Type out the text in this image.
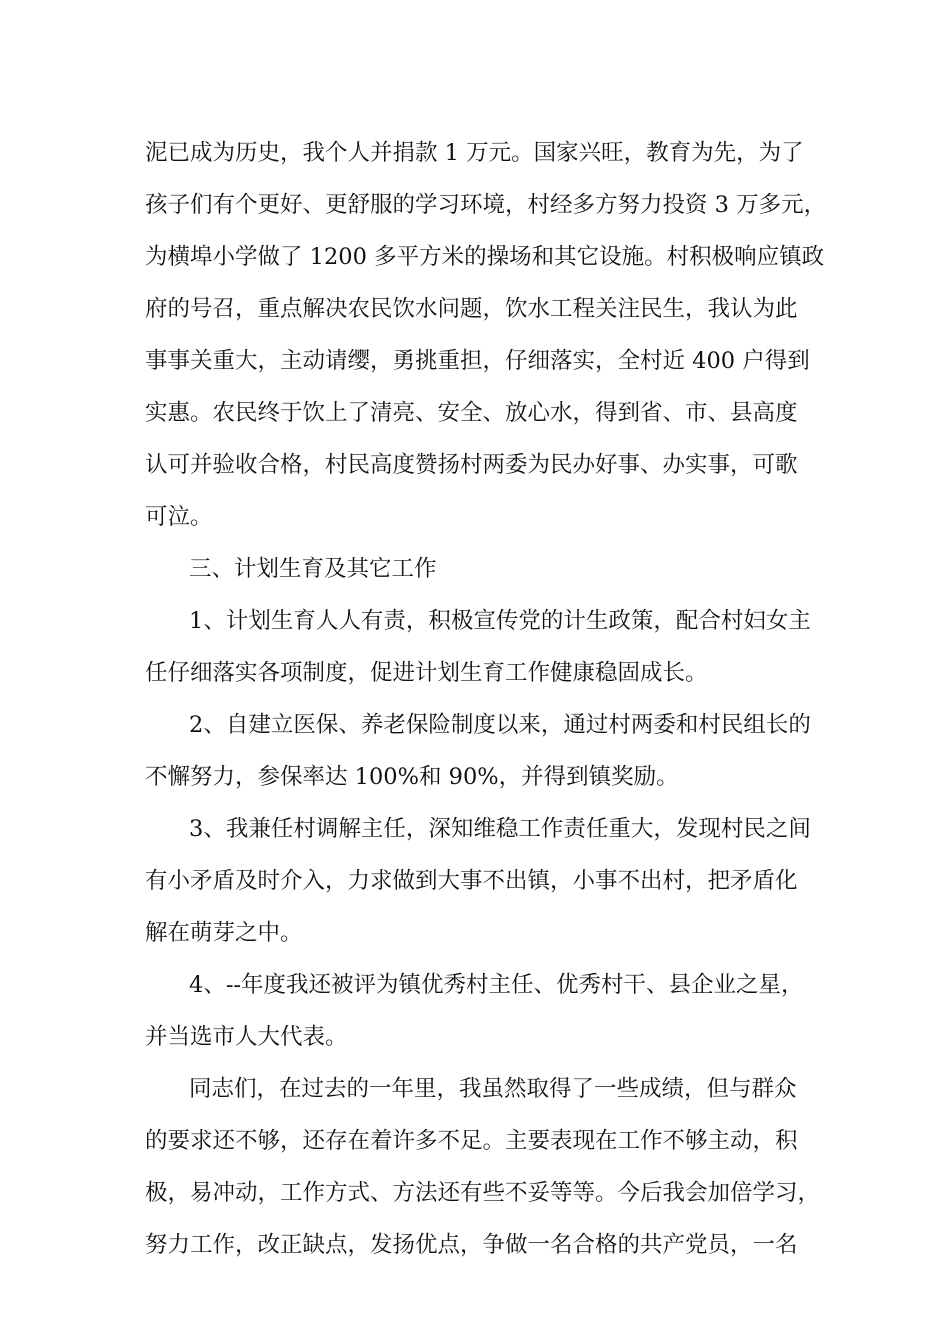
泥已成为历史，我个人并捐款 1 万元。国家兴旺，教育为先，为了
孩子们有个更好、更舒服的学习环境，村经多方努力投资 3 万多元，
为横埠小学做了 1200 多平方米的操场和其它设施。村积极响应镇政
府的号召，重点解决农民饮水问题，饮水工程关注民生，我认为此
事事关重大，主动请缨，勇挑重担，仔细落实，全村近 400 户得到
实惠。农民终于饮上了清亮、安全、放心水，得到省、市、县高度
认可并验收合格，村民高度赞扬村两委为民办好事、办实事，可歌
可泣。
三、计划生育及其它工作
1、计划生育人人有责，积极宣传党的计生政策，配合村妇女主
任仔细落实各项制度，促进计划生育工作健康稳固成长。
2、自建立医保、养老保险制度以来，通过村两委和村民组长的
不懈努力，参保率达 100%和 90%，并得到镇奖励。
3、我兼任村调解主任，深知维稳工作责任重大，发现村民之间
有小矛盾及时介入，力求做到大事不出镇，小事不出村，把矛盾化
解在萌芽之中。
4、--年度我还被评为镇优秀村主任、优秀村干、县企业之星，
并当选市人大代表。
同志们，在过去的一年里，我虽然取得了一些成绩，但与群众
的要求还不够，还存在着许多不足。主要表现在工作不够主动，积
极，易冲动，工作方式、方法还有些不妥等等。今后我会加倍学习，
努力工作，改正缺点，发扬优点，争做一名合格的共产党员，一名
